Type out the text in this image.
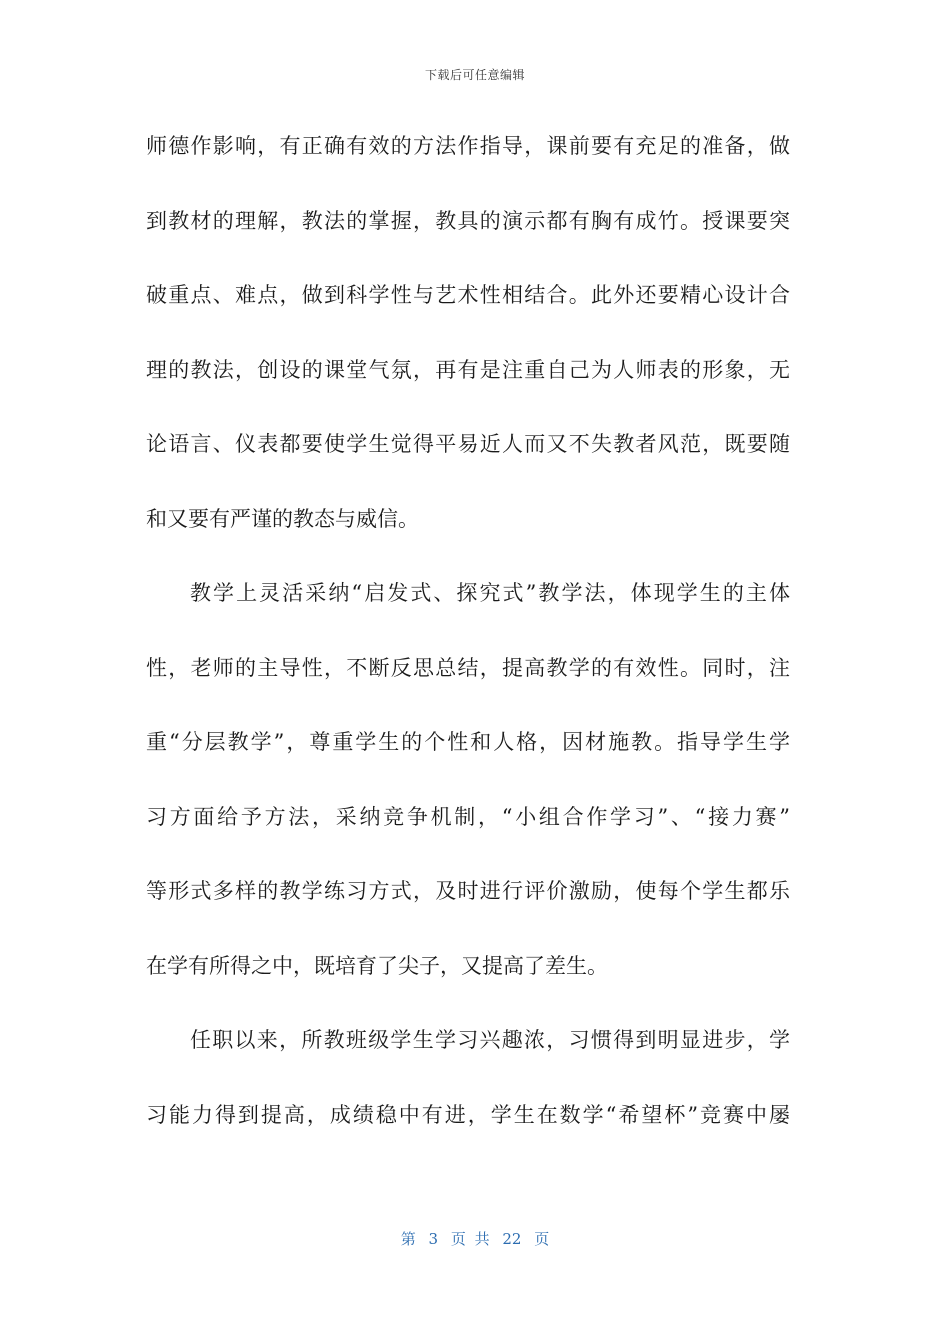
下载后可任意编辑
师德作影响，有正确有效的方法作指导，课前要有充足的准备，做
到教材的理解，教法的掌握，教具的演示都有胸有成竹。授课要突
破重点、难点，做到科学性与艺术性相结合。此外还要精心设计合
理的教法，创设的课堂气氛，再有是注重自己为人师表的形象，无
论语言、仪表都要使学生觉得平易近人而又不失教者风范，既要随
和又要有严谨的教态与威信。
教学上灵活采纳“启发式、探究式”教学法，体现学生的主体
性，老师的主导性，不断反思总结，提高教学的有效性。同时，注
重“分层教学”，尊重学生的个性和人格，因材施教。指导学生学
习方面给予方法，采纳竞争机制，“小组合作学习”、“接力赛”
等形式多样的教学练习方式，及时进行评价激励，使每个学生都乐
在学有所得之中，既培育了尖子，又提高了差生。
任职以来，所教班级学生学习兴趣浓，习惯得到明显进步，学
习能力得到提高，成绩稳中有进，学生在数学“希望杯”竞赛中屡
第 3 页 共 22 页
